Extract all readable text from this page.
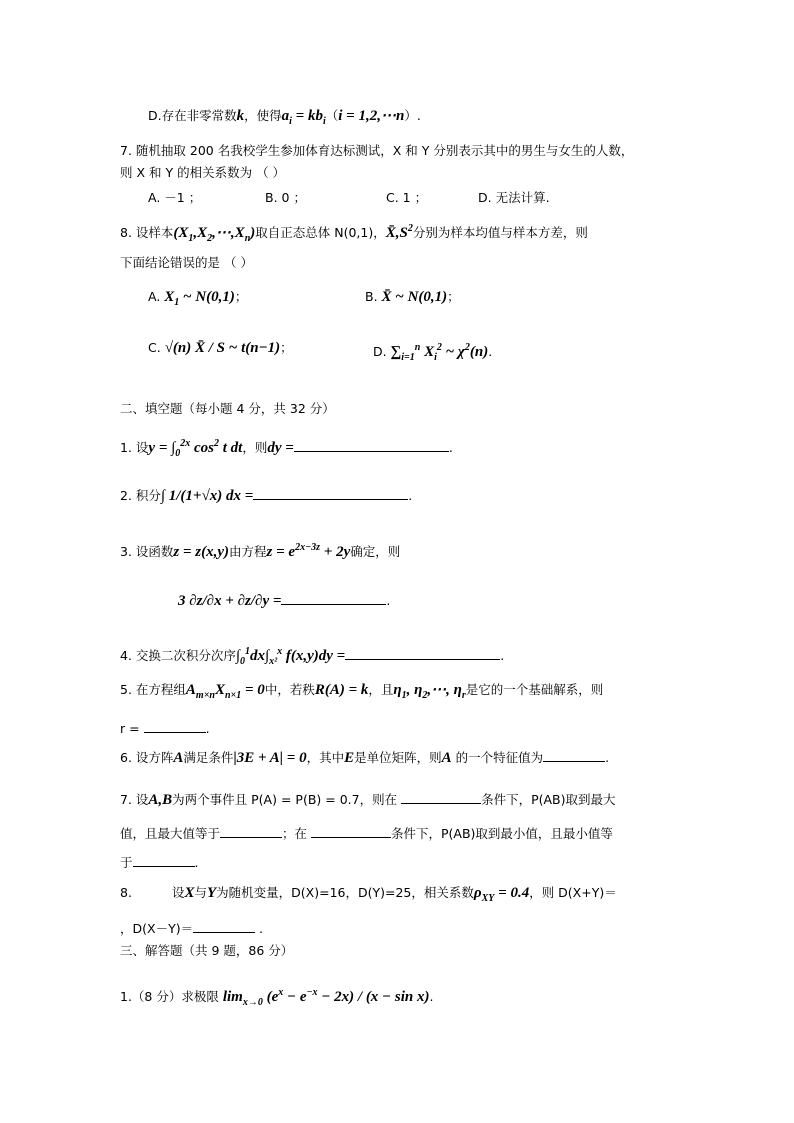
D.存在非零常数k，使得$a_i = kb_i(i$ = 1,2,⋯n）.
7. 随机抽取 200 名我校学生参加体育达标测试，X 和 Y 分别表示其中的男生与女生的人数，
则 X 和 Y 的相关系数为 （ ）
A. －1 ；	B. 0 ；	C. 1 ；	D. 无法计算.
8. 设样本$(X_1,X_2,\cdots,X_n)$取自正态总体 N(0,1)，$X̄,S^2$分别为样本均值与样本方差，则
下面结论错误的是 （ ）
A. $X_1$ ~ N(0,1)；	B. X̄ ~ N(0,1)；
C. √(n) X̄ / S ~ t(n−1)；	D. $\sum_{i=1}^n$ $X_i^2$ ~ $\chi^2(n)$.
二、填空题（每小题 4 分，共 32 分）
1. 设$y = \int_0^{2x}$ $\cos^2 t$ dt，则dy =	.
2. 积分∫ 1/(1+√x) dx =	.
3. 设函数z = z(x,y)由方程$z = e^{2x-3z} + 2y$确定，则
3 ∂z/∂x + ∂z/∂y =	.
4. 交换二次积分次序$\int_0^1dx\int_{x^2}^x$ f(x,y)dy =	.
5. 在方程组$A_{m\times n}X_{n\times 1} = 0$中，若秩R(A) = k，且$\eta_1$, $\eta_2,\cdots$, $\eta_r$是它的一个基础解系，则
r =	.
6. 设方阵A满足条件|3E + A| = 0，其中E是单位矩阵，则A 的一个特征值为	.
7. 设A,B为两个事件且 P(A) = P(B) = 0.7，则在	条件下，P(AB)取到最大
值，且最大值等于	；在	条件下，P(AB)取到最小值，且最小值等
于	.
8.	设X与Y为随机变量，D(X)=16，D(Y)=25，相关系数$\rho_{XY} = 0.4$，则 D(X+Y)＝
，D(X－Y)＝	.
三、解答题（共 9 题，86 分）
1.（8 分）求极限 $\lim_{x\to 0} (e^x - e^{-x} - 2x) / (x - \sin x)$.
